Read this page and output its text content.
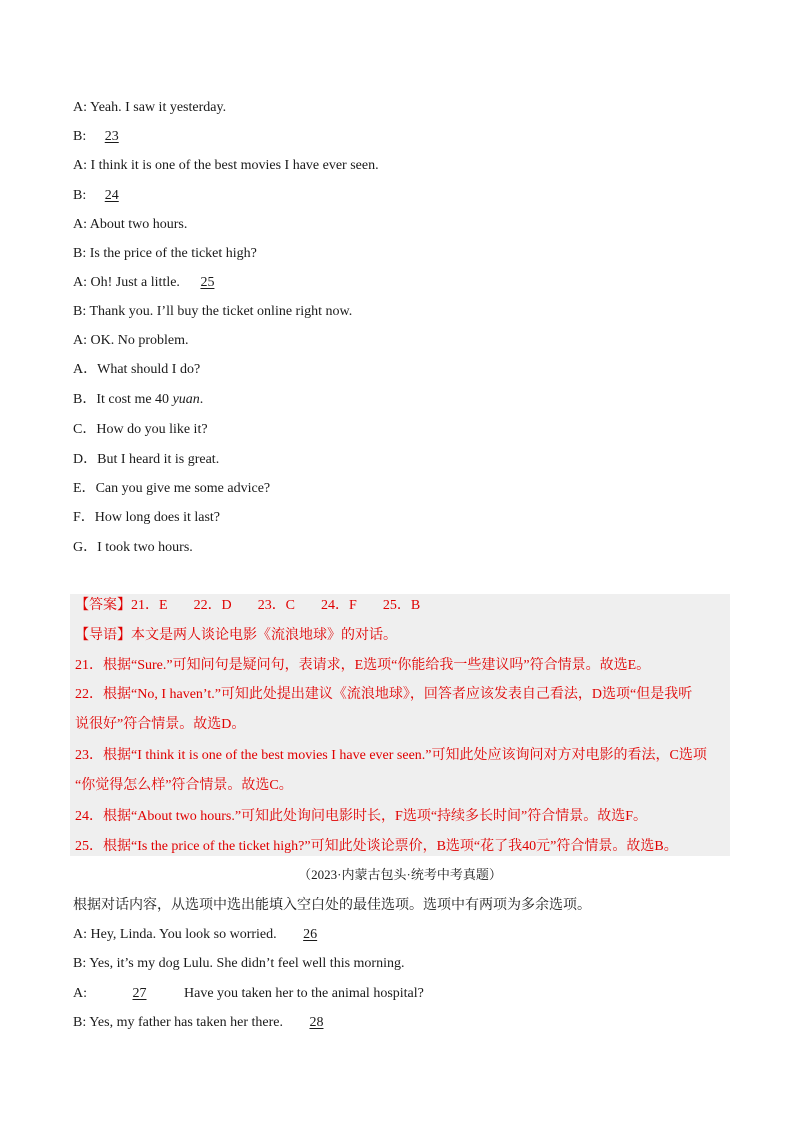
A: Yeah. I saw it yesterday.
B: 23
A: I think it is one of the best movies I have ever seen.
B: 24
A: About two hours.
B: Is the price of the ticket high?
A: Oh! Just a little. 25
B: Thank you. I’ll buy the ticket online right now.
A: OK. No problem.
A．What should I do?
B．It cost me 40 yuan.
C．How do you like it?
D．But I heard it is great.
E．Can you give me some advice?
F．How long does it last?
G．I took two hours.
【答案】21．E 22．D 23．C 24．F 25．B
【导语】本文是两人谈论电影《流浪地球》的对话。
21．根据“Sure.”可知问句是疑问句，表请求，E选项“你能给我一些建议吗”符合情景。故选E。
22．根据“No, I haven’t.”可知此处提出建议《流浪地球》，回答者应该发表自己看法，D选项“但是我听
说很好”符合情景。故选D。
23．根据“I think it is one of the best movies I have ever seen.”可知此处应该询问对方对电影的看法，C选项
“你觉得怎么样”符合情景。故选C。
24．根据“About two hours.”可知此处询问电影时长，F选项“持续多长时间”符合情景。故选F。
25．根据“Is the price of the ticket high?”可知此处谈论票价，B选项“花了我40元”符合情景。故选B。
（2023·内蒙古包头·统考中考真题）
根据对话内容，从选项中选出能填入空白处的最佳选项。选项中有两项为多余选项。
A: Hey, Linda. You look so worried. 26
B: Yes, it’s my dog Lulu. She didn’t feel well this morning.
A:	27	Have you taken her to the animal hospital?
B: Yes, my father has taken her there. 28
